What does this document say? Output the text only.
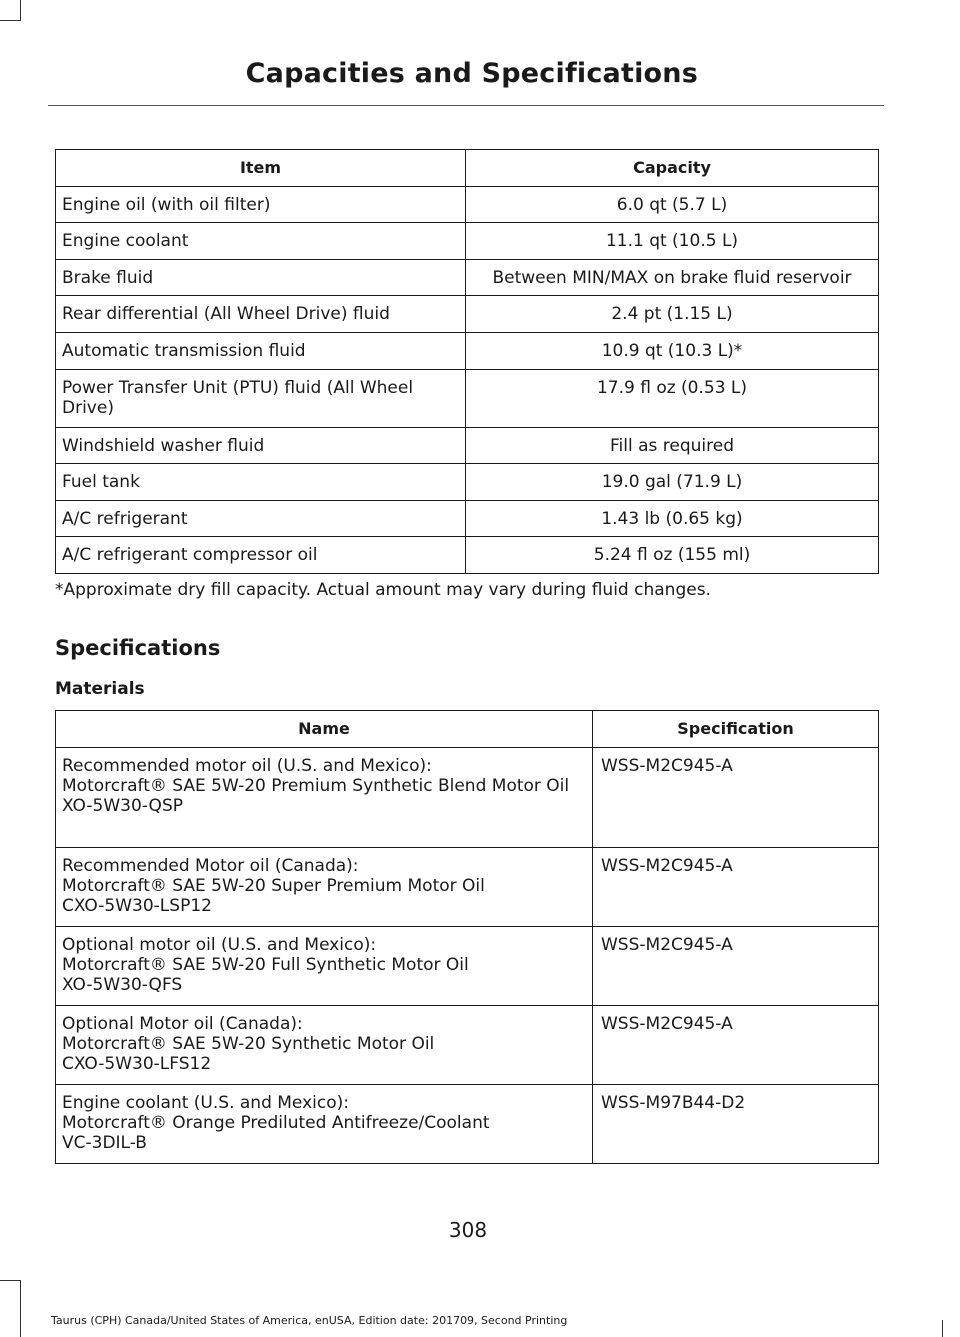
Capacities and Specifications
Item	Capacity
Engine oil (with oil filter)	6.0 qt (5.7 L)
Engine coolant	11.1 qt (10.5 L)
Brake fluid	Between MIN/MAX on brake fluid reservoir
Rear differential (All Wheel Drive) fluid	2.4 pt (1.15 L)
Automatic transmission fluid	10.9 qt (10.3 L)*
Power Transfer Unit (PTU) fluid (All Wheel Drive)	17.9 fl oz (0.53 L)
Windshield washer fluid	Fill as required
Fuel tank	19.0 gal (71.9 L)
A/C refrigerant	1.43 lb (0.65 kg)
A/C refrigerant compressor oil	5.24 fl oz (155 ml)
*Approximate dry fill capacity. Actual amount may vary during fluid changes.
Specifications
Materials
Name	Specification

Recommended motor oil (U.S. and Mexico):
Motorcraft® SAE 5W-20 Premium Synthetic Blend Motor Oil
XO-5W30-QSP	WSS-M2C945-A

Recommended Motor oil (Canada):
Motorcraft® SAE 5W-20 Super Premium Motor Oil
CXO-5W30-LSP12	WSS-M2C945-A

Optional motor oil (U.S. and Mexico):
Motorcraft® SAE 5W-20 Full Synthetic Motor Oil
XO-5W30-QFS	WSS-M2C945-A

Optional Motor oil (Canada):
Motorcraft® SAE 5W-20 Synthetic Motor Oil
CXO-5W30-LFS12	WSS-M2C945-A

Engine coolant (U.S. and Mexico):
Motorcraft® Orange Prediluted Antifreeze/Coolant
VC-3DIL-B	WSS-M97B44-D2
308
Taurus (CPH) Canada/United States of America, enUSA, Edition date: 201709, Second Printing
